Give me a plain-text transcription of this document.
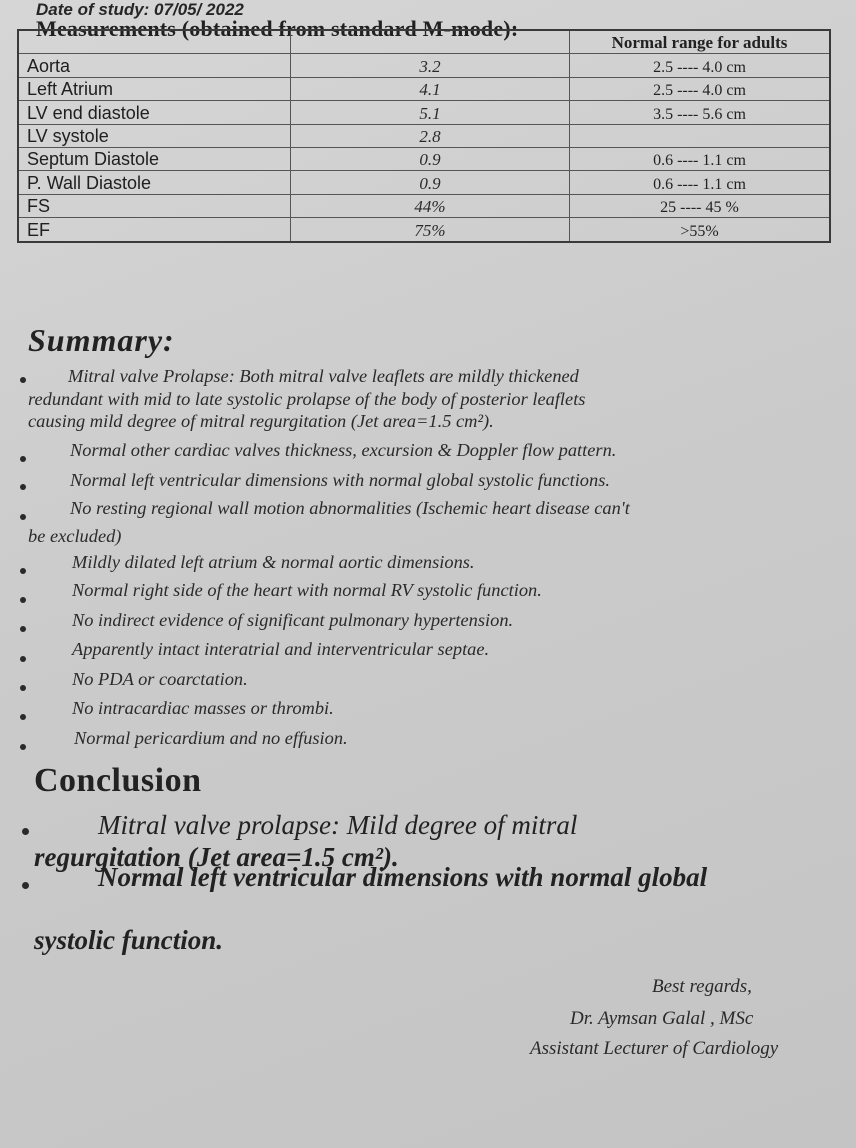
Date of study: 07/05/ 2022
Measurements (obtained from standard M-mode):
		Normal range for adults
Aorta	3.2	2.5 ---- 4.0 cm
Left Atrium	4.1	2.5 ---- 4.0 cm
LV end diastole	5.1	3.5 ---- 5.6 cm
LV systole	2.8	
Septum Diastole	0.9	0.6 ---- 1.1 cm
P. Wall Diastole	0.9	0.6 ---- 1.1 cm
FS	44%	25 ---- 45 %
EF	75%	>55%
Summary:
Mitral valve Prolapse: Both mitral valve leaflets are mildly thickened
redundant with mid to late systolic prolapse of the body of posterior leaflets
causing mild degree of mitral regurgitation (Jet area=1.5 cm²).
Normal other cardiac valves thickness, excursion & Doppler flow pattern.
Normal left ventricular dimensions with normal global systolic functions.
No resting regional wall motion abnormalities (Ischemic heart disease can't
be excluded)
Mildly dilated left atrium & normal aortic dimensions.
Normal right side of the heart with normal RV systolic function.
No indirect evidence of significant pulmonary hypertension.
Apparently intact interatrial and interventricular septae.
No PDA or coarctation.
No intracardiac masses or thrombi.
Normal pericardium and no effusion.
Conclusion
Mitral valve prolapse: Mild degree of mitral
regurgitation (Jet area=1.5 cm²).
Normal left ventricular dimensions with normal global
systolic function.
Best regards,
Dr. Aymsan Galal , MSc
Assistant Lecturer of Cardiology
